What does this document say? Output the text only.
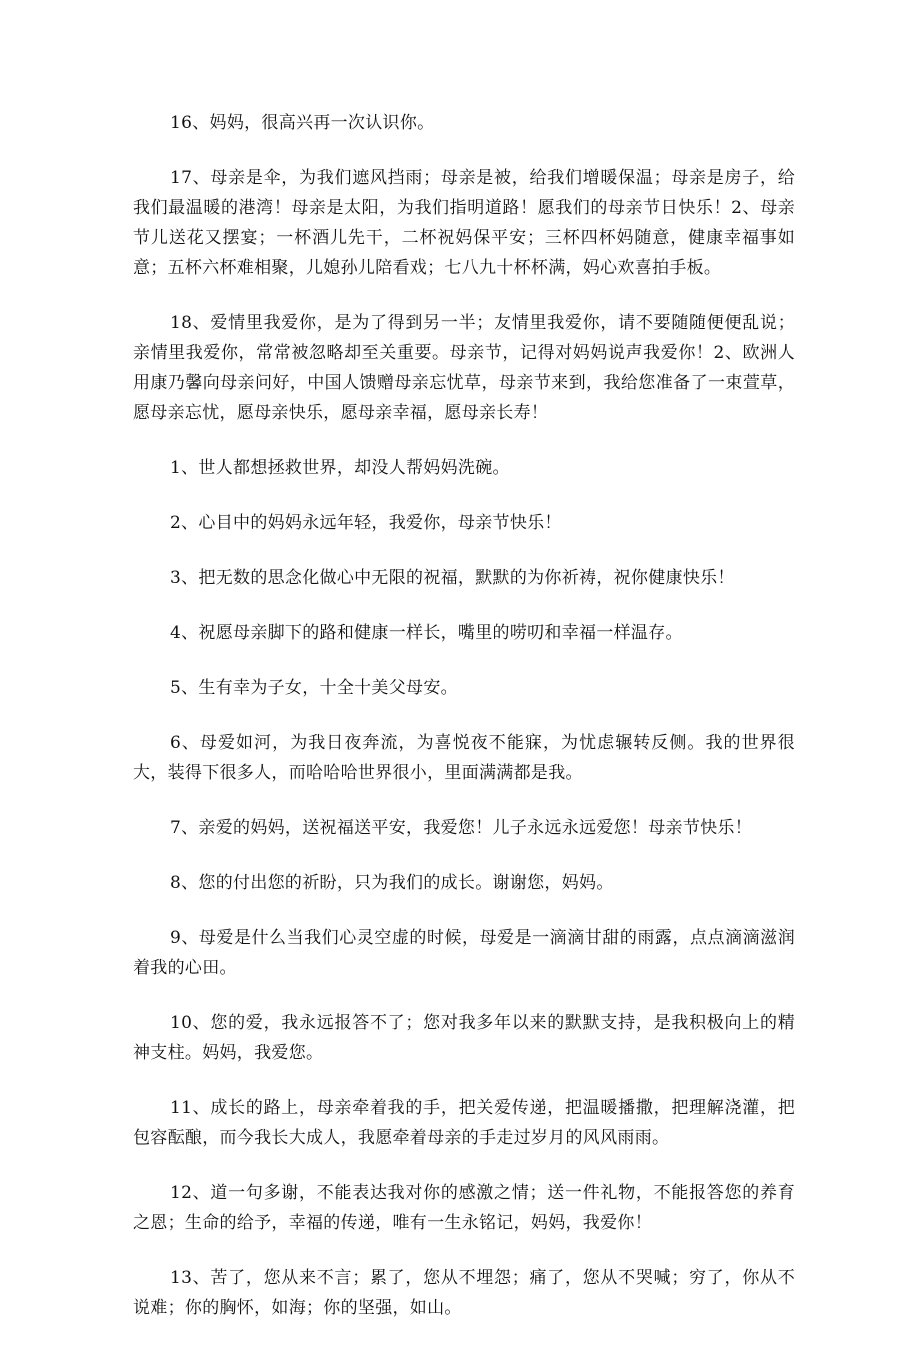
16、妈妈，很高兴再一次认识你。

17、母亲是伞，为我们遮风挡雨；母亲是被，给我们增暖保温；母亲是房子，给我们最温暖的港湾！母亲是太阳，为我们指明道路！愿我们的母亲节日快乐！2、母亲节儿送花又摆宴；一杯酒儿先干，二杯祝妈保平安；三杯四杯妈随意，健康幸福事如意；五杯六杯难相聚，儿媳孙儿陪看戏；七八九十杯杯满，妈心欢喜拍手板。

18、爱情里我爱你，是为了得到另一半；友情里我爱你，请不要随随便便乱说；亲情里我爱你，常常被忽略却至关重要。母亲节，记得对妈妈说声我爱你！2、欧洲人用康乃馨向母亲问好，中国人馈赠母亲忘忧草，母亲节来到，我给您准备了一束萱草，愿母亲忘忧，愿母亲快乐，愿母亲幸福，愿母亲长寿！

1、世人都想拯救世界，却没人帮妈妈洗碗。

2、心目中的妈妈永远年轻，我爱你，母亲节快乐！

3、把无数的思念化做心中无限的祝福，默默的为你祈祷，祝你健康快乐！

4、祝愿母亲脚下的路和健康一样长，嘴里的唠叨和幸福一样温存。

5、生有幸为子女，十全十美父母安。

6、母爱如河，为我日夜奔流，为喜悦夜不能寐，为忧虑辗转反侧。我的世界很大，装得下很多人，而哈哈哈世界很小，里面满满都是我。

7、亲爱的妈妈，送祝福送平安，我爱您！儿子永远永远爱您！母亲节快乐！

8、您的付出您的祈盼，只为我们的成长。谢谢您，妈妈。

9、母爱是什么当我们心灵空虚的时候，母爱是一滴滴甘甜的雨露，点点滴滴滋润着我的心田。

10、您的爱，我永远报答不了；您对我多年以来的默默支持，是我积极向上的精神支柱。妈妈，我爱您。

11、成长的路上，母亲牵着我的手，把关爱传递，把温暖播撒，把理解浇灌，把包容酝酿，而今我长大成人，我愿牵着母亲的手走过岁月的风风雨雨。

12、道一句多谢，不能表达我对你的感激之情；送一件礼物，不能报答您的养育之恩；生命的给予，幸福的传递，唯有一生永铭记，妈妈，我爱你！

13、苦了，您从来不言；累了，您从不埋怨；痛了，您从不哭喊；穷了，你从不说难；你的胸怀，如海；你的坚强，如山。
